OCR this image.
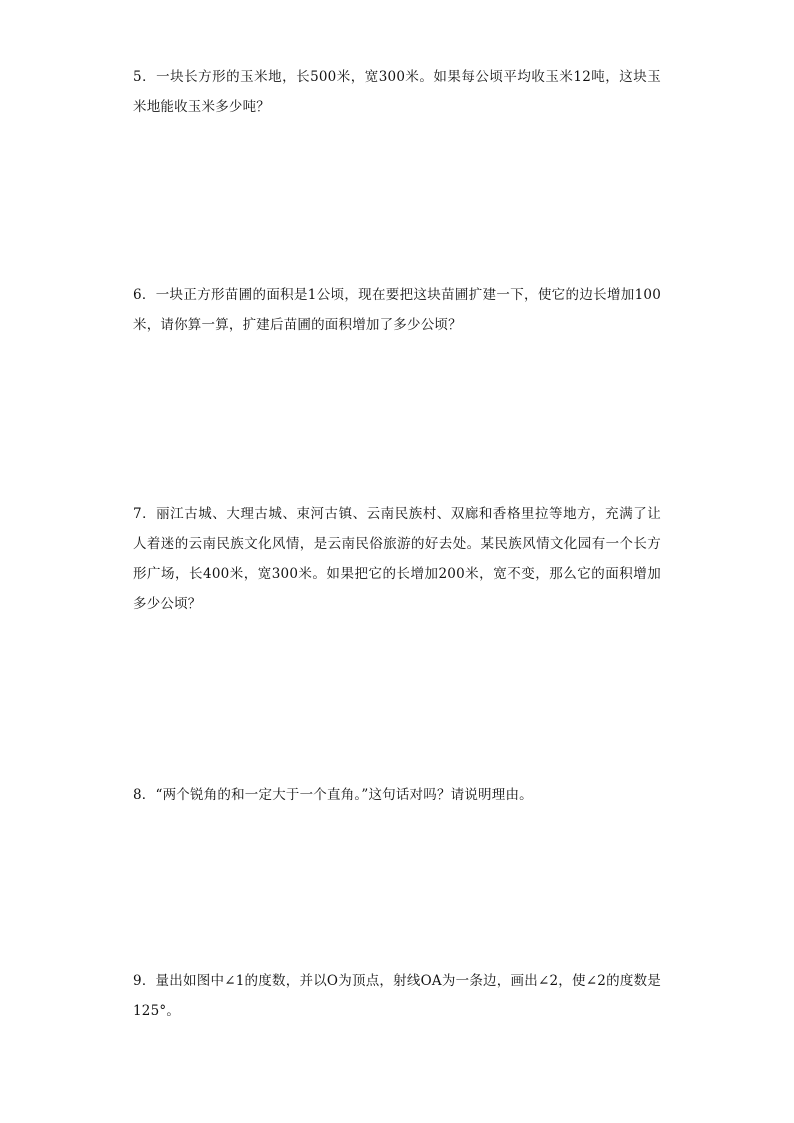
5．一块长方形的玉米地，长500米，宽300米。如果每公顷平均收玉米12吨，这块玉米地能收玉米多少吨？

6．一块正方形苗圃的面积是1公顷，现在要把这块苗圃扩建一下，使它的边长增加100米，请你算一算，扩建后苗圃的面积增加了多少公顷？

7．丽江古城、大理古城、束河古镇、云南民族村、双廊和香格里拉等地方，充满了让人着迷的云南民族文化风情，是云南民俗旅游的好去处。某民族风情文化园有一个长方形广场，长400米，宽300米。如果把它的长增加200米，宽不变，那么它的面积增加多少公顷？

8．“两个锐角的和一定大于一个直角。”这句话对吗？请说明理由。

9．量出如图中∠1的度数，并以O为顶点，射线OA为一条边，画出∠2，使∠2的度数是125°。
